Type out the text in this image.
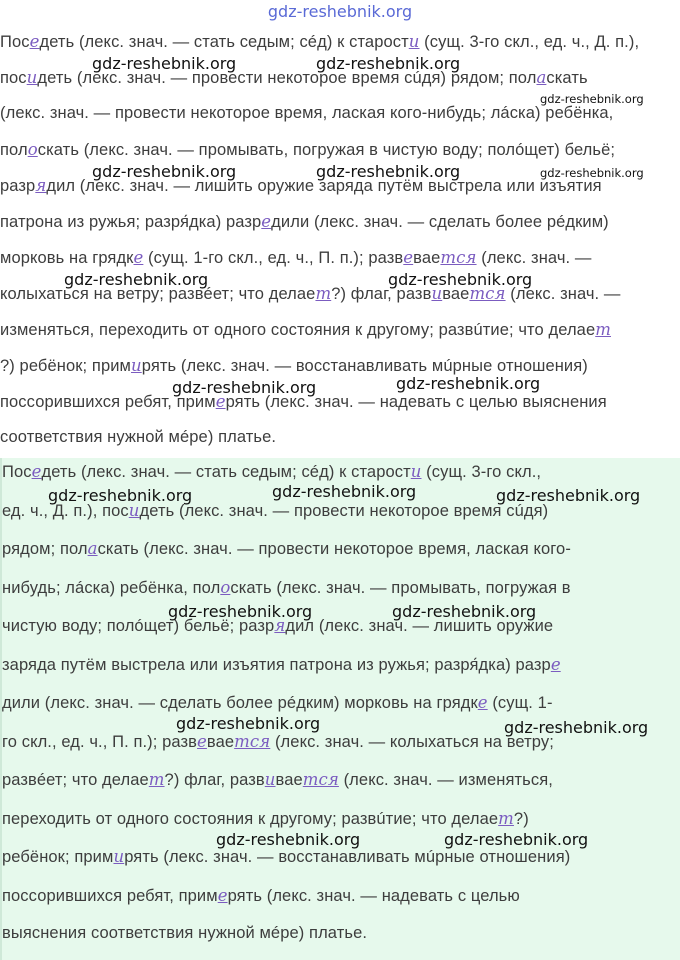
gdz-reshebnik.org
Поседеть (лекс. знач. — стать седым; сéд) к старости (сущ. 3-го скл., ед. ч., Д. п.),
посидеть (лекс. знач. — провести некоторое время сúдя) рядом; поласкать
(лекс. знач. — провести некоторое время, лаская кого-нибудь; лáска) ребёнка,
полоскать (лекс. знач. — промывать, погружая в чистую воду; полóщет) бельё;
разрядил (лекс. знач. — лишить оружие заряда путём выстрела или изъятия
патрона из ружья; разря́дка) разредили (лекс. знач. — сделать более рéдким)
морковь на грядке (сущ. 1-го скл., ед. ч., П. п.); развевается (лекс. знач. —
колыхаться на ветру; развéет; что делает?) флаг, развивается (лекс. знач. —
изменяться, переходить от одного состояния к другому; развúтие; что делает
?) ребёнок; примирять (лекс. знач. — восстанавливать мúрные отношения)
поссорившихся ребят, примерять (лекс. знач. — надевать с целью выяснения
соответствия нужной мéре) платье.
Поседеть (лекс. знач. — стать седым; сéд) к старости (сущ. 3-го скл.,
ед. ч., Д. п.), посидеть (лекс. знач. — провести некоторое время сúдя)
рядом; поласкать (лекс. знач. — провести некоторое время, лаская кого-
нибудь; лáска) ребёнка, полоскать (лекс. знач. — промывать, погружая в
чистую воду; полóщет) бельё; разрядил (лекс. знач. — лишить оружие
заряда путём выстрела или изъятия патрона из ружья; разря́дка) разре
дили (лекс. знач. — сделать более рéдким) морковь на грядке (сущ. 1-
го скл., ед. ч., П. п.); развевается (лекс. знач. — колыхаться на ветру;
развéет; что делает?) флаг, развивается (лекс. знач. — изменяться,
переходить от одного состояния к другому; развúтие; что делает?)
ребёнок; примирять (лекс. знач. — восстанавливать мúрные отношения)
поссорившихся ребят, примерять (лекс. знач. — надевать с целью
выяснения соответствия нужной мéре) платье.
gdz-reshebnik.org	gdz-reshebnik.org
gdz-reshebnik.org
gdz-reshebnik.org	gdz-reshebnik.org	gdz-reshebnik.org
gdz-reshebnik.org	gdz-reshebnik.org
gdz-reshebnik.org	gdz-reshebnik.org
gdz-reshebnik.org	gdz-reshebnik.org	gdz-reshebnik.org
gdz-reshebnik.org	gdz-reshebnik.org
gdz-reshebnik.org	gdz-reshebnik.org
gdz-reshebnik.org	gdz-reshebnik.org
